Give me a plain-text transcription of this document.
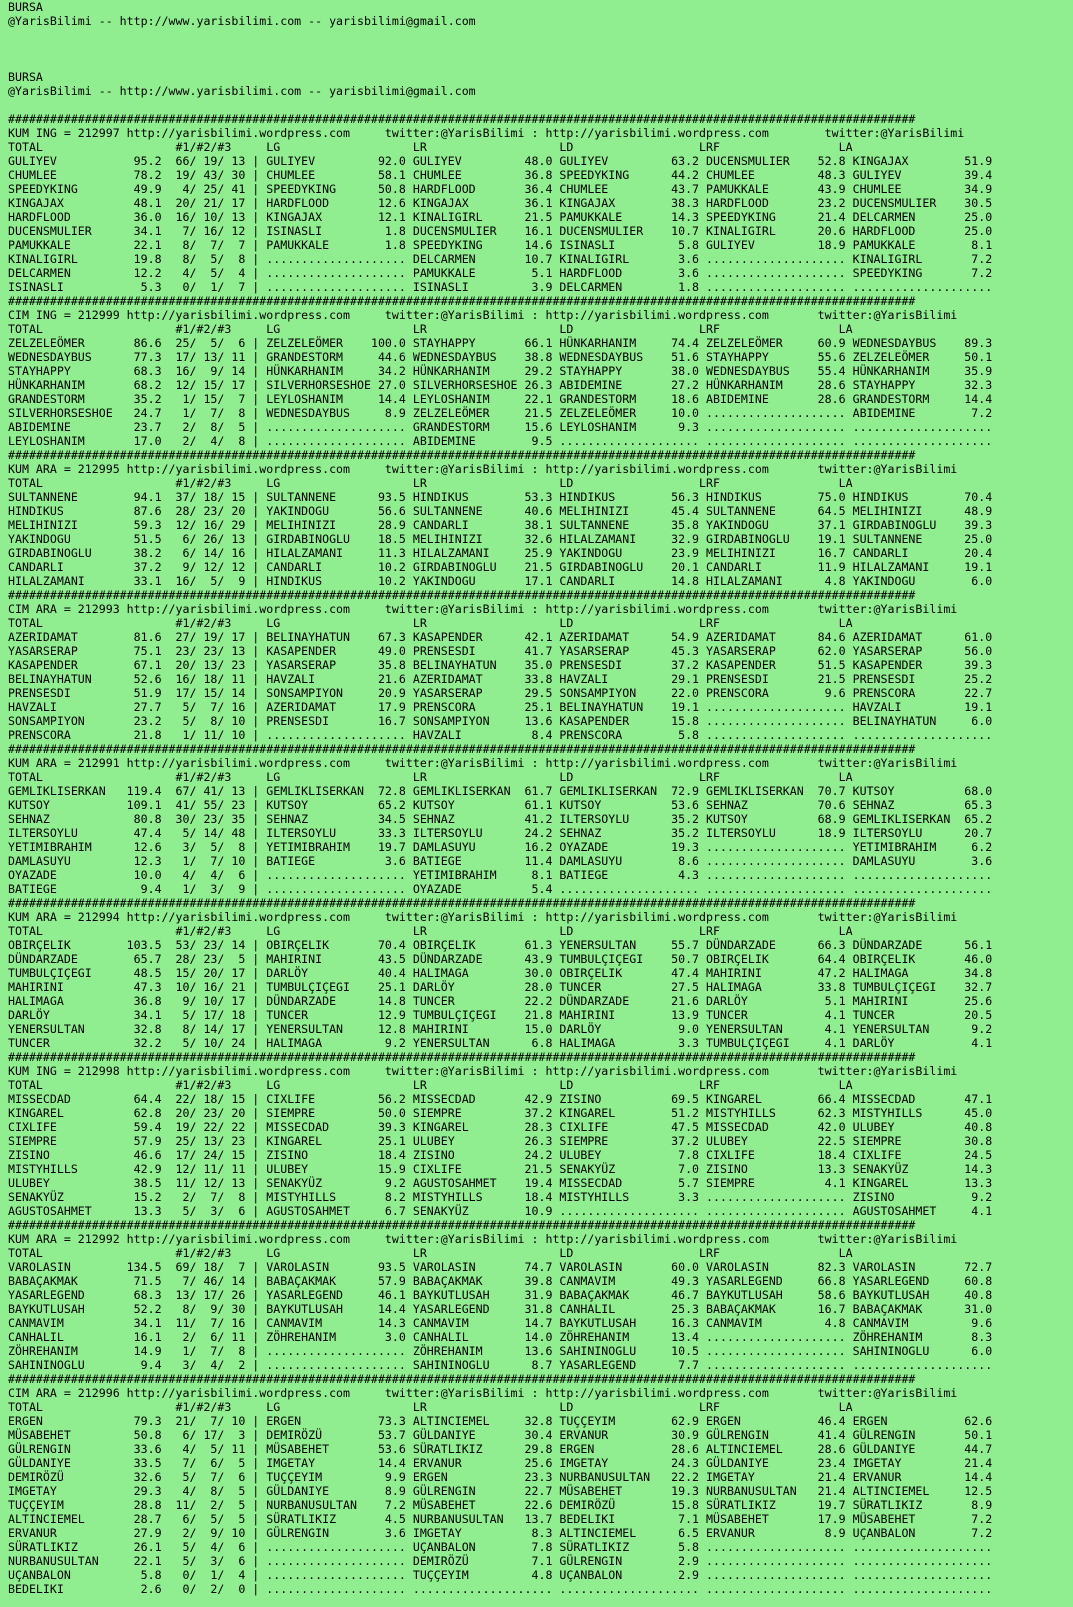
BURSA
@YarisBilimi -- http://www.yarisbilimi.com -- yarisbilimi@gmail.com
BURSA
@YarisBilimi -- http://www.yarisbilimi.com -- yarisbilimi@gmail.com
##################################################################################################################################
KUM ING = 212997 http://yarisbilimi.wordpress.com     twitter:@YarisBilimi : http://yarisbilimi.wordpress.com        twitter:@YarisBilimi
TOTAL                   #1/#2/#3     LG                   LR                   LD                  LRF                 LA
GULIYEV           95.2  66/ 19/ 13 | GULIYEV         92.0 GULIYEV         48.0 GULIYEV         63.2 DUCENSMULIER    52.8 KINGAJAX        51.9
CHUMLEE           78.2  19/ 43/ 30 | CHUMLEE         58.1 CHUMLEE         36.8 SPEEDYKING      44.2 CHUMLEE         48.3 GULIYEV         39.4
SPEEDYKING        49.9   4/ 25/ 41 | SPEEDYKING      50.8 HARDFLOOD       36.4 CHUMLEE         43.7 PAMUKKALE       43.9 CHUMLEE         34.9
KINGAJAX          48.1  20/ 21/ 17 | HARDFLOOD       12.6 KINGAJAX        36.1 KINGAJAX        38.3 HARDFLOOD       23.2 DUCENSMULIER    30.5
HARDFLOOD         36.0  16/ 10/ 13 | KINGAJAX        12.1 KINALIGIRL      21.5 PAMUKKALE       14.3 SPEEDYKING      21.4 DELCARMEN       25.0
DUCENSMULIER      34.1   7/ 16/ 12 | ISINASLI         1.8 DUCENSMULIER    16.1 DUCENSMULIER    10.7 KINALIGIRL      20.6 HARDFLOOD       25.0
PAMUKKALE         22.1   8/  7/  7 | PAMUKKALE        1.8 SPEEDYKING      14.6 ISINASLI         5.8 GULIYEV         18.9 PAMUKKALE        8.1
KINALIGIRL        19.8   8/  5/  8 | .................... DELCARMEN       10.7 KINALIGIRL       3.6 .................... KINALIGIRL       7.2
DELCARMEN         12.2   4/  5/  4 | .................... PAMUKKALE        5.1 HARDFLOOD        3.6 .................... SPEEDYKING       7.2
ISINASLI           5.3   0/  1/  7 | .................... ISINASLI         3.9 DELCARMEN        1.8 .................... ....................
##################################################################################################################################
CIM ING = 212999 http://yarisbilimi.wordpress.com     twitter:@YarisBilimi : http://yarisbilimi.wordpress.com       twitter:@YarisBilimi
TOTAL                   #1/#2/#3     LG                   LR                   LD                  LRF                 LA
ZELZELEÖMER       86.6  25/  5/  6 | ZELZELEÖMER    100.0 STAYHAPPY       66.1 HÜNKARHANIM     74.4 ZELZELEÖMER     60.9 WEDNESDAYBUS    89.3
WEDNESDAYBUS      77.3  17/ 13/ 11 | GRANDESTORM     44.6 WEDNESDAYBUS    38.8 WEDNESDAYBUS    51.6 STAYHAPPY       55.6 ZELZELEÖMER     50.1
STAYHAPPY         68.3  16/  9/ 14 | HÜNKARHANIM     34.2 HÜNKARHANIM     29.2 STAYHAPPY       38.0 WEDNESDAYBUS    55.4 HÜNKARHANIM     35.9
HÜNKARHANIM       68.2  12/ 15/ 17 | SILVERHORSESHOE 27.0 SILVERHORSESHOE 26.3 ABIDEMINE       27.2 HÜNKARHANIM     28.6 STAYHAPPY       32.3
GRANDESTORM       35.2   1/ 15/  7 | LEYLOSHANIM     14.4 LEYLOSHANIM     22.1 GRANDESTORM     18.6 ABIDEMINE       28.6 GRANDESTORM     14.4
SILVERHORSESHOE   24.7   1/  7/  8 | WEDNESDAYBUS     8.9 ZELZELEÖMER     21.5 ZELZELEÖMER     10.0 .................... ABIDEMINE        7.2
ABIDEMINE         23.7   2/  8/  5 | .................... GRANDESTORM     15.6 LEYLOSHANIM      9.3 .................... ....................
LEYLOSHANIM       17.0   2/  4/  8 | .................... ABIDEMINE        9.5 .................... .................... ....................
##################################################################################################################################
KUM ARA = 212995 http://yarisbilimi.wordpress.com     twitter:@YarisBilimi : http://yarisbilimi.wordpress.com       twitter:@YarisBilimi
TOTAL                   #1/#2/#3     LG                   LR                   LD                  LRF                 LA
SULTANNENE        94.1  37/ 18/ 15 | SULTANNENE      93.5 HINDIKUS        53.3 HINDIKUS        56.3 HINDIKUS        75.0 HINDIKUS        70.4
HINDIKUS          87.6  28/ 23/ 20 | YAKINDOGU       56.6 SULTANNENE      40.6 MELIHINIZI      45.4 SULTANNENE      64.5 MELIHINIZI      48.9
MELIHINIZI        59.3  12/ 16/ 29 | MELIHINIZI      28.9 CANDARLI        38.1 SULTANNENE      35.8 YAKINDOGU       37.1 GIRDABINOGLU    39.3
YAKINDOGU         51.5   6/ 26/ 13 | GIRDABINOGLU    18.5 MELIHINIZI      32.6 HILALZAMANI     32.9 GIRDABINOGLU    19.1 SULTANNENE      25.0
GIRDABINOGLU      38.2   6/ 14/ 16 | HILALZAMANI     11.3 HILALZAMANI     25.9 YAKINDOGU       23.9 MELIHINIZI      16.7 CANDARLI        20.4
CANDARLI          37.2   9/ 12/ 12 | CANDARLI        10.2 GIRDABINOGLU    21.5 GIRDABINOGLU    20.1 CANDARLI        11.9 HILALZAMANI     19.1
HILALZAMANI       33.1  16/  5/  9 | HINDIKUS        10.2 YAKINDOGU       17.1 CANDARLI        14.8 HILALZAMANI      4.8 YAKINDOGU        6.0
##################################################################################################################################
CIM ARA = 212993 http://yarisbilimi.wordpress.com     twitter:@YarisBilimi : http://yarisbilimi.wordpress.com       twitter:@YarisBilimi
TOTAL                   #1/#2/#3     LG                   LR                   LD                  LRF                 LA
AZERIDAMAT        81.6  27/ 19/ 17 | BELINAYHATUN    67.3 KASAPENDER      42.1 AZERIDAMAT      54.9 AZERIDAMAT      84.6 AZERIDAMAT      61.0
YASARSERAP        75.1  23/ 23/ 13 | KASAPENDER      49.0 PRENSESDI       41.7 YASARSERAP      45.3 YASARSERAP      62.0 YASARSERAP      56.0
KASAPENDER        67.1  20/ 13/ 23 | YASARSERAP      35.8 BELINAYHATUN    35.0 PRENSESDI       37.2 KASAPENDER      51.5 KASAPENDER      39.3
BELINAYHATUN      52.6  16/ 18/ 11 | HAVZALI         21.6 AZERIDAMAT      33.8 HAVZALI         29.1 PRENSESDI       21.5 PRENSESDI       25.2
PRENSESDI         51.9  17/ 15/ 14 | SONSAMPIYON     20.9 YASARSERAP      29.5 SONSAMPIYON     22.0 PRENSCORA        9.6 PRENSCORA       22.7
HAVZALI           27.7   5/  7/ 16 | AZERIDAMAT      17.9 PRENSCORA       25.1 BELINAYHATUN    19.1 .................... HAVZALI         19.1
SONSAMPIYON       23.2   5/  8/ 10 | PRENSESDI       16.7 SONSAMPIYON     13.6 KASAPENDER      15.8 .................... BELINAYHATUN     6.0
PRENSCORA         21.8   1/ 11/ 10 | .................... HAVZALI          8.4 PRENSCORA        5.8 .................... ....................
##################################################################################################################################
KUM ARA = 212991 http://yarisbilimi.wordpress.com     twitter:@YarisBilimi : http://yarisbilimi.wordpress.com       twitter:@YarisBilimi
TOTAL                   #1/#2/#3     LG                   LR                   LD                  LRF                 LA
GEMLIKLISERKAN   119.4  67/ 41/ 13 | GEMLIKLISERKAN  72.8 GEMLIKLISERKAN  61.7 GEMLIKLISERKAN  72.9 GEMLIKLISERKAN  70.7 KUTSOY          68.0
KUTSOY           109.1  41/ 55/ 23 | KUTSOY          65.2 KUTSOY          61.1 KUTSOY          53.6 SEHNAZ          70.6 SEHNAZ          65.3
SEHNAZ            80.8  30/ 23/ 35 | SEHNAZ          34.5 SEHNAZ          41.2 ILTERSOYLU      35.2 KUTSOY          68.9 GEMLIKLISERKAN  65.2
ILTERSOYLU        47.4   5/ 14/ 48 | ILTERSOYLU      33.3 ILTERSOYLU      24.2 SEHNAZ          35.2 ILTERSOYLU      18.9 ILTERSOYLU      20.7
YETIMIBRAHIM      12.6   3/  5/  8 | YETIMIBRAHIM    19.7 DAMLASUYU       16.2 OYAZADE         19.3 .................... YETIMIBRAHIM     6.2
DAMLASUYU         12.3   1/  7/ 10 | BATIEGE          3.6 BATIEGE         11.4 DAMLASUYU        8.6 .................... DAMLASUYU        3.6
OYAZADE           10.0   4/  4/  6 | .................... YETIMIBRAHIM     8.1 BATIEGE          4.3 .................... ....................
BATIEGE            9.4   1/  3/  9 | .................... OYAZADE          5.4 .................... .................... ....................
##################################################################################################################################
KUM ARA = 212994 http://yarisbilimi.wordpress.com     twitter:@YarisBilimi : http://yarisbilimi.wordpress.com       twitter:@YarisBilimi
TOTAL                   #1/#2/#3     LG                   LR                   LD                  LRF                 LA
OBIRÇELIK        103.5  53/ 23/ 14 | OBIRÇELIK       70.4 OBIRÇELIK       61.3 YENERSULTAN     55.7 DÜNDARZADE      66.3 DÜNDARZADE      56.1
DÜNDARZADE        65.7  28/ 23/  5 | MAHIRINI        43.5 DÜNDARZADE      43.9 TUMBULÇIÇEGI    50.7 OBIRÇELIK       64.4 OBIRÇELIK       46.0
TUMBULÇIÇEGI      48.5  15/ 20/ 17 | DARLÖY          40.4 HALIMAGA        30.0 OBIRÇELIK       47.4 MAHIRINI        47.2 HALIMAGA        34.8
MAHIRINI          47.3  10/ 16/ 21 | TUMBULÇIÇEGI    25.1 DARLÖY          28.0 TUNCER          27.5 HALIMAGA        33.8 TUMBULÇIÇEGI    32.7
HALIMAGA          36.8   9/ 10/ 17 | DÜNDARZADE      14.8 TUNCER          22.2 DÜNDARZADE      21.6 DARLÖY           5.1 MAHIRINI        25.6
DARLÖY            34.1   5/ 17/ 18 | TUNCER          12.9 TUMBULÇIÇEGI    21.8 MAHIRINI        13.9 TUNCER           4.1 TUNCER          20.5
YENERSULTAN       32.8   8/ 14/ 17 | YENERSULTAN     12.8 MAHIRINI        15.0 DARLÖY           9.0 YENERSULTAN      4.1 YENERSULTAN      9.2
TUNCER            32.2   5/ 10/ 24 | HALIMAGA         9.2 YENERSULTAN      6.8 HALIMAGA         3.3 TUMBULÇIÇEGI     4.1 DARLÖY           4.1
##################################################################################################################################
KUM ING = 212998 http://yarisbilimi.wordpress.com     twitter:@YarisBilimi : http://yarisbilimi.wordpress.com       twitter:@YarisBilimi
TOTAL                   #1/#2/#3     LG                   LR                   LD                  LRF                 LA
MISSECDAD         64.4  22/ 18/ 15 | CIXLIFE         56.2 MISSECDAD       42.9 ZISINO          69.5 KINGAREL        66.4 MISSECDAD       47.1
KINGAREL          62.8  20/ 23/ 20 | SIEMPRE         50.0 SIEMPRE         37.2 KINGAREL        51.2 MISTYHILLS      62.3 MISTYHILLS      45.0
CIXLIFE           59.4  19/ 22/ 22 | MISSECDAD       39.3 KINGAREL        28.3 CIXLIFE         47.5 MISSECDAD       42.0 ULUBEY          40.8
SIEMPRE           57.9  25/ 13/ 23 | KINGAREL        25.1 ULUBEY          26.3 SIEMPRE         37.2 ULUBEY          22.5 SIEMPRE         30.8
ZISINO            46.6  17/ 24/ 15 | ZISINO          18.4 ZISINO          24.2 ULUBEY           7.8 CIXLIFE         18.4 CIXLIFE         24.5
MISTYHILLS        42.9  12/ 11/ 11 | ULUBEY          15.9 CIXLIFE         21.5 SENAKYÜZ         7.0 ZISINO          13.3 SENAKYÜZ        14.3
ULUBEY            38.5  11/ 12/ 13 | SENAKYÜZ         9.2 AGUSTOSAHMET    19.4 MISSECDAD        5.7 SIEMPRE          4.1 KINGAREL        13.3
SENAKYÜZ          15.2   2/  7/  8 | MISTYHILLS       8.2 MISTYHILLS      18.4 MISTYHILLS       3.3 .................... ZISINO           9.2
AGUSTOSAHMET      13.3   5/  3/  6 | AGUSTOSAHMET     6.7 SENAKYÜZ        10.9 .................... .................... AGUSTOSAHMET     4.1
##################################################################################################################################
KUM ARA = 212992 http://yarisbilimi.wordpress.com     twitter:@YarisBilimi : http://yarisbilimi.wordpress.com       twitter:@YarisBilimi
TOTAL                   #1/#2/#3     LG                   LR                   LD                  LRF                 LA
VAROLASIN        134.5  69/ 18/  7 | VAROLASIN       93.5 VAROLASIN       74.7 VAROLASIN       60.0 VAROLASIN       82.3 VAROLASIN       72.7
BABAÇAKMAK        71.5   7/ 46/ 14 | BABAÇAKMAK      57.9 BABAÇAKMAK      39.8 CANMAVIM        49.3 YASARLEGEND     66.8 YASARLEGEND     60.8
YASARLEGEND       68.3  13/ 17/ 26 | YASARLEGEND     46.1 BAYKUTLUSAH     31.9 BABAÇAKMAK      46.7 BAYKUTLUSAH     58.6 BAYKUTLUSAH     40.8
BAYKUTLUSAH       52.2   8/  9/ 30 | BAYKUTLUSAH     14.4 YASARLEGEND     31.8 CANHALIL        25.3 BABAÇAKMAK      16.7 BABAÇAKMAK      31.0
CANMAVIM          34.1  11/  7/ 16 | CANMAVIM        14.3 CANMAVIM        14.7 BAYKUTLUSAH     16.3 CANMAVIM         4.8 CANMAVIM         9.6
CANHALIL          16.1   2/  6/ 11 | ZÖHREHANIM       3.0 CANHALIL        14.0 ZÖHREHANIM      13.4 .................... ZÖHREHANIM       8.3
ZÖHREHANIM        14.9   1/  7/  8 | .................... ZÖHREHANIM      13.6 SAHININOGLU     10.5 .................... SAHININOGLU      6.0
SAHININOGLU        9.4   3/  4/  2 | .................... SAHININOGLU      8.7 YASARLEGEND      7.7 .................... ....................
##################################################################################################################################
CIM ARA = 212996 http://yarisbilimi.wordpress.com     twitter:@YarisBilimi : http://yarisbilimi.wordpress.com       twitter:@YarisBilimi
TOTAL                   #1/#2/#3     LG                   LR                   LD                  LRF                 LA
ERGEN             79.3  21/  7/ 10 | ERGEN           73.3 ALTINCIEMEL     32.8 TUÇÇEYIM        62.9 ERGEN           46.4 ERGEN           62.6
MÜSABEHET         50.8   6/ 17/  3 | DEMIRÖZÜ        53.7 GÜLDANIYE       30.4 ERVANUR         30.9 GÜLRENGIN       41.4 GÜLRENGIN       50.1
GÜLRENGIN         33.6   4/  5/ 11 | MÜSABEHET       53.6 SÜRATLIKIZ      29.8 ERGEN           28.6 ALTINCIEMEL     28.6 GÜLDANIYE       44.7
GÜLDANIYE         33.5   7/  6/  5 | IMGETAY         14.4 ERVANUR         25.6 IMGETAY         24.3 GÜLDANIYE       23.4 IMGETAY         21.4
DEMIRÖZÜ          32.6   5/  7/  6 | TUÇÇEYIM         9.9 ERGEN           23.3 NURBANUSULTAN   22.2 IMGETAY         21.4 ERVANUR         14.4
IMGETAY           29.3   4/  8/  5 | GÜLDANIYE        8.9 GÜLRENGIN       22.7 MÜSABEHET       19.3 NURBANUSULTAN   21.4 ALTINCIEMEL     12.5
TUÇÇEYIM          28.8  11/  2/  5 | NURBANUSULTAN    7.2 MÜSABEHET       22.6 DEMIRÖZÜ        15.8 SÜRATLIKIZ      19.7 SÜRATLIKIZ       8.9
ALTINCIEMEL       28.7   6/  5/  5 | SÜRATLIKIZ       4.5 NURBANUSULTAN   13.7 BEDELIKI         7.1 MÜSABEHET       17.9 MÜSABEHET        7.2
ERVANUR           27.9   2/  9/ 10 | GÜLRENGIN        3.6 IMGETAY          8.3 ALTINCIEMEL      6.5 ERVANUR          8.9 UÇANBALON        7.2
SÜRATLIKIZ        26.1   5/  4/  6 | .................... UÇANBALON        7.8 SÜRATLIKIZ       5.8 .................... ....................
NURBANUSULTAN     22.1   5/  3/  6 | .................... DEMIRÖZÜ         7.1 GÜLRENGIN        2.9 .................... ....................
UÇANBALON          5.8   0/  1/  4 | .................... TUÇÇEYIM         4.8 UÇANBALON        2.9 .................... ....................
BEDELIKI           2.6   0/  2/  0 | .................... .................... .................... .................... ....................
